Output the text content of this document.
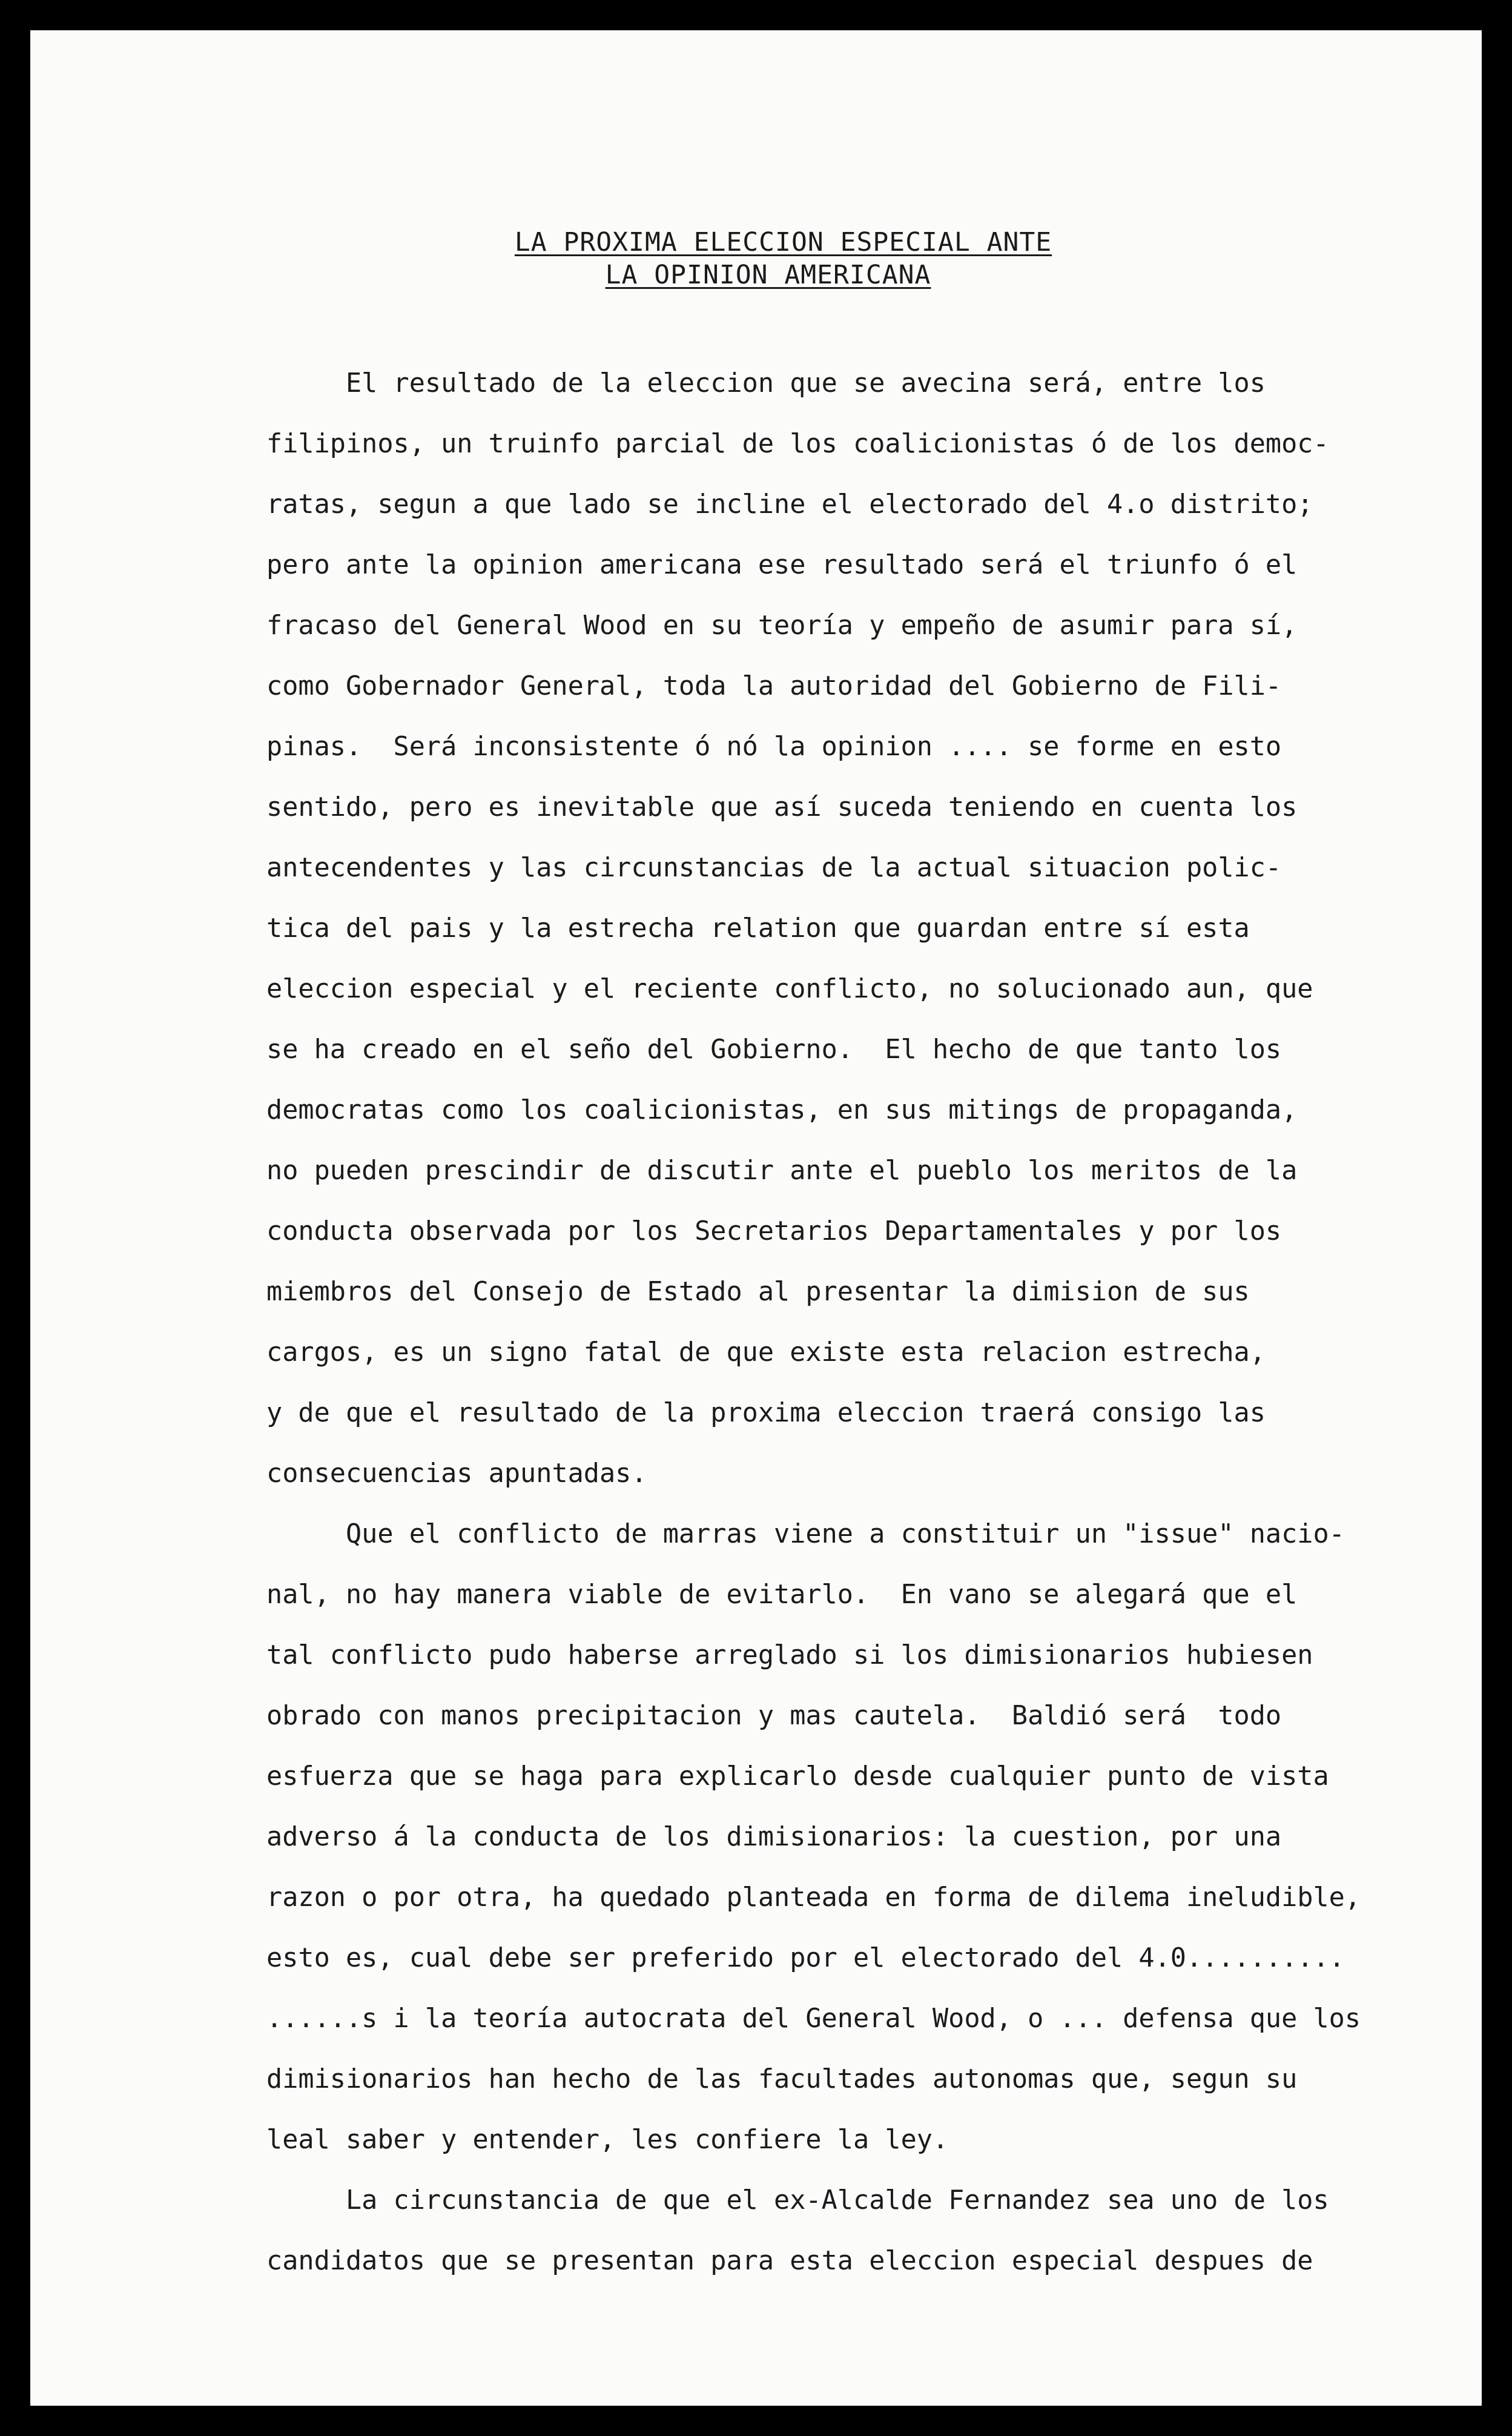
LA PROXIMA ELECCION ESPECIAL ANTE
LA OPINION AMERICANA
El resultado de la eleccion que se avecina será, entre los
filipinos, un truinfo parcial de los coalicionistas ó de los democ-
ratas, segun a que lado se incline el electorado del 4.o distrito;
pero ante la opinion americana ese resultado será el triunfo ó el
fracaso del General Wood en su teoría y empeño de asumir para sí,
como Gobernador General, toda la autoridad del Gobierno de Fili-
pinas.  Será inconsistente ó nó la opinion .... se forme en esto
sentido, pero es inevitable que así suceda teniendo en cuenta los
antecendentes y las circunstancias de la actual situacion polic-
tica del pais y la estrecha relation que guardan entre sí esta
eleccion especial y el reciente conflicto, no solucionado aun, que
se ha creado en el seño del Gobierno.  El hecho de que tanto los
democratas como los coalicionistas, en sus mitings de propaganda,
no pueden prescindir de discutir ante el pueblo los meritos de la
conducta observada por los Secretarios Departamentales y por los
miembros del Consejo de Estado al presentar la dimision de sus
cargos, es un signo fatal de que existe esta relacion estrecha,
y de que el resultado de la proxima eleccion traerá consigo las
consecuencias apuntadas.
Que el conflicto de marras viene a constituir un "issue" nacio-
nal, no hay manera viable de evitarlo.  En vano se alegará que el
tal conflicto pudo haberse arreglado si los dimisionarios hubiesen
obrado con manos precipitacion y mas cautela.  Baldió será  todo
esfuerza que se haga para explicarlo desde cualquier punto de vista
adverso á la conducta de los dimisionarios: la cuestion, por una
razon o por otra, ha quedado planteada en forma de dilema ineludible,
esto es, cual debe ser preferido por el electorado del 4.0..........
......s i la teoría autocrata del General Wood, o ... defensa que los
dimisionarios han hecho de las facultades autonomas que, segun su
leal saber y entender, les confiere la ley.
La circunstancia de que el ex-Alcalde Fernandez sea uno de los
candidatos que se presentan para esta eleccion especial despues de
